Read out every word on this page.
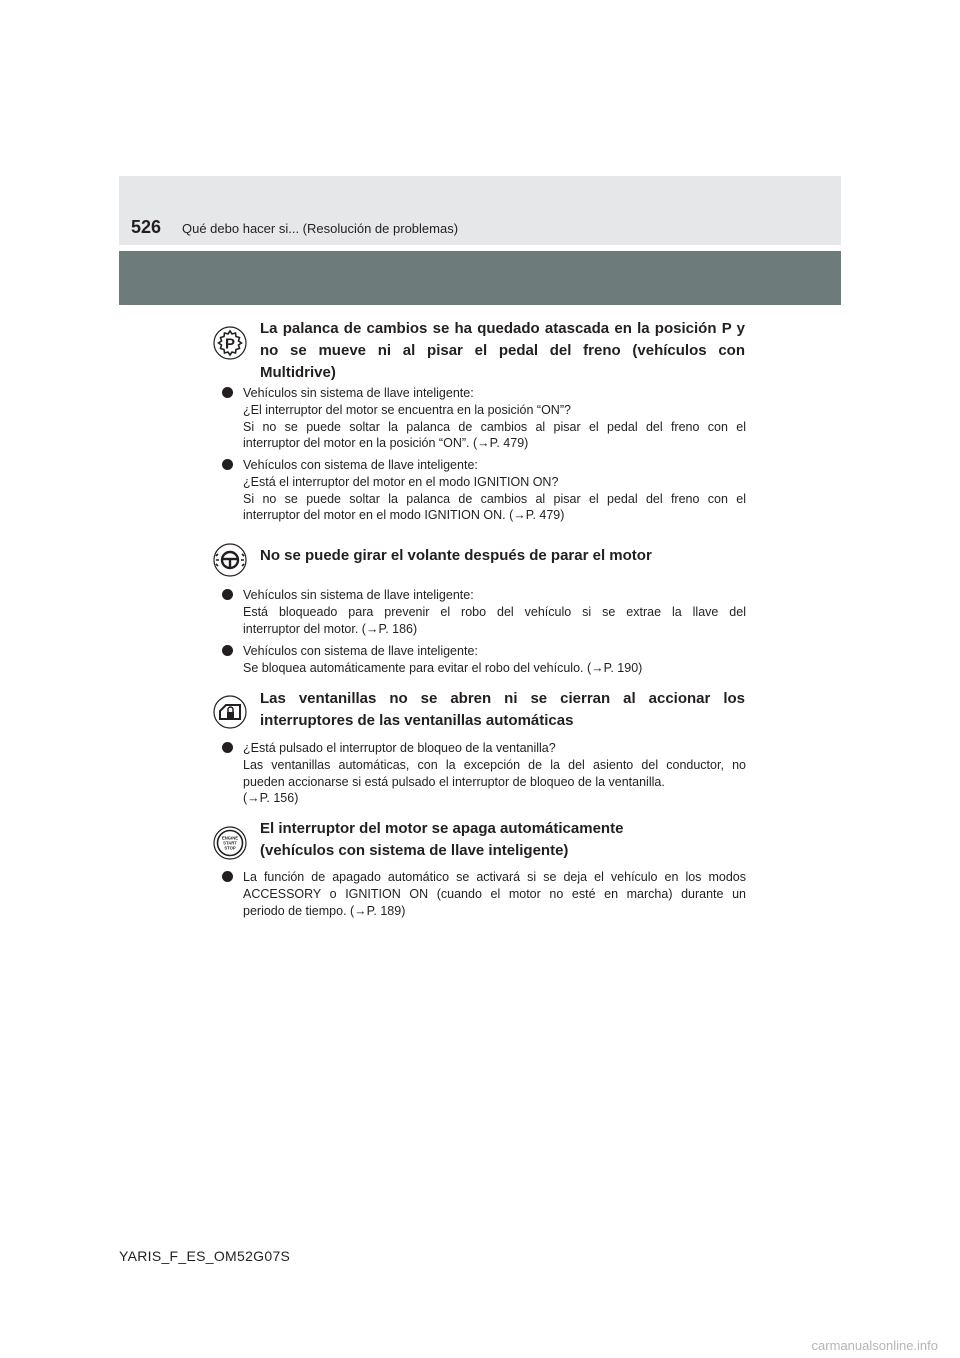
526 Qué debo hacer si... (Resolución de problemas)
P
La palanca de cambios se ha quedado atascada en la posición P y
no se mueve ni al pisar el pedal del freno (vehículos con
Multidrive)
Vehículos sin sistema de llave inteligente:
¿El interruptor del motor se encuentra en la posición “ON”?
Si no se puede soltar la palanca de cambios al pisar el pedal del freno con el
interruptor del motor en la posición “ON”. (→P. 479)
Vehículos con sistema de llave inteligente:
¿Está el interruptor del motor en el modo IGNITION ON?
Si no se puede soltar la palanca de cambios al pisar el pedal del freno con el
interruptor del motor en el modo IGNITION ON. (→P. 479)
No se puede girar el volante después de parar el motor
Vehículos sin sistema de llave inteligente:
Está bloqueado para prevenir el robo del vehículo si se extrae la llave del
interruptor del motor. (→P. 186)
Vehículos con sistema de llave inteligente:
Se bloquea automáticamente para evitar el robo del vehículo. (→P. 190)
Las ventanillas no se abren ni se cierran al accionar los
interruptores de las ventanillas automáticas
¿Está pulsado el interruptor de bloqueo de la ventanilla?
Las ventanillas automáticas, con la excepción de la del asiento del conductor, no
pueden accionarse si está pulsado el interruptor de bloqueo de la ventanilla.
(→P. 156)
ENGINE
START
STOP
El interruptor del motor se apaga automáticamente
(vehículos con sistema de llave inteligente)
La función de apagado automático se activará si se deja el vehículo en los modos
ACCESSORY o IGNITION ON (cuando el motor no esté en marcha) durante un
periodo de tiempo. (→P. 189)
YARIS_F_ES_OM52G07S
carmanualsonline.info
